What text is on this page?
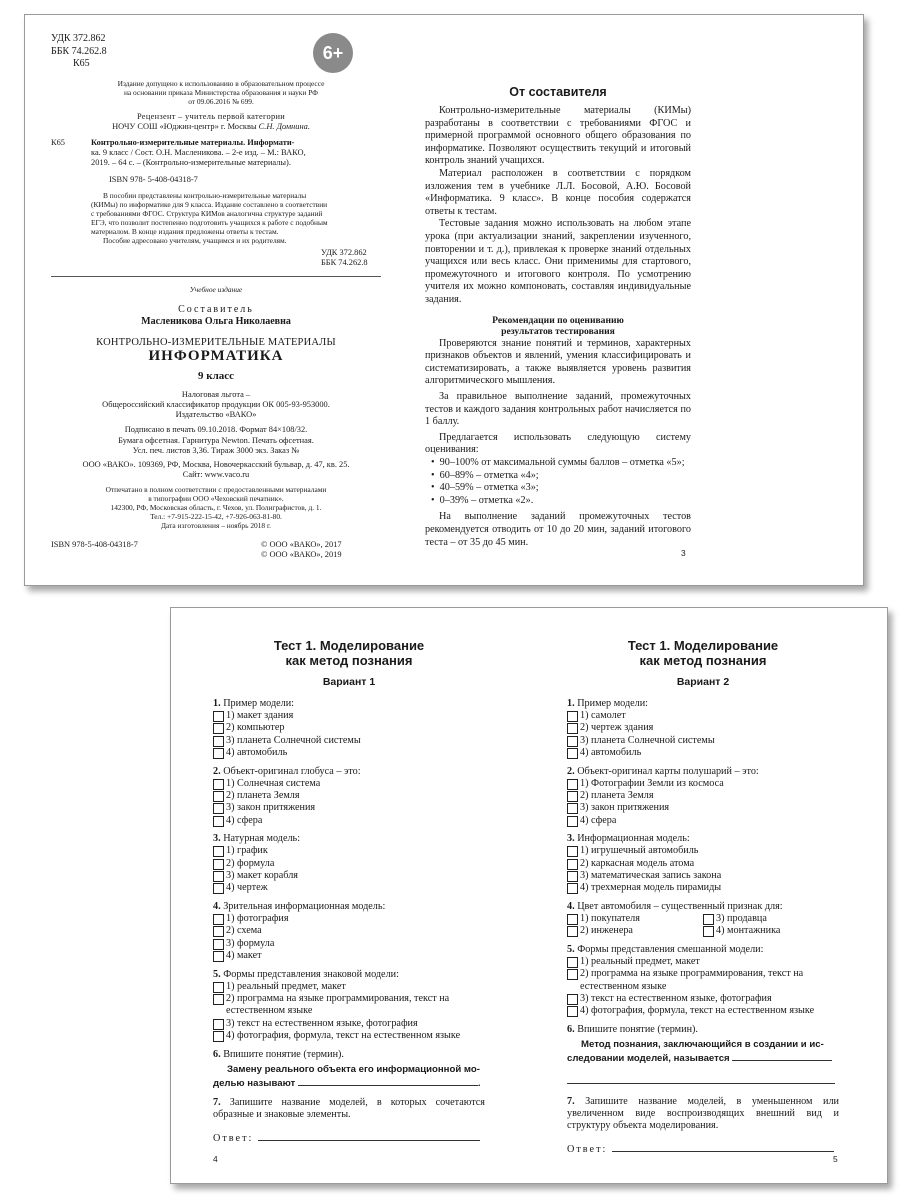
УДК 372.862
ББК 74.262.8
К65
6+
Издание допущено к использованию в образовательном процессе
на основании приказа Министерства образования и науки РФ
от 09.06.2016 № 699.
Рецензент – учитель первой категории
НОЧУ СОШ «Юджин-центр» г. Москвы С.Н. Домнина.
К65	Контрольно-измерительные материалы. Информати-
ка. 9 класс / Сост. О.Н. Масленикова. – 2-е изд. – М.: ВАКО,
2019. – 64 с. – (Контрольно-измерительные материалы).
ISBN 978- 5-408-04318-7
В пособии представлены контрольно-измерительные материалы
(КИМы) по информатике для 9 класса. Издание составлено в соответствии
с требованиями ФГОС. Структура КИМов аналогична структуре заданий
ЕГЭ, что позволит постепенно подготовить учащихся к работе с подобным
материалом. В конце издания предложены ответы к тестам.
Пособие адресовано учителям, учащимся и их родителям.
УДК 372.862
ББК 74.262.8
Учебное издание
Составитель
Масленикова Ольга Николаевна
КОНТРОЛЬНО-ИЗМЕРИТЕЛЬНЫЕ МАТЕРИАЛЫ
ИНФОРМАТИКА
9 класс
Налоговая льгота –
Общероссийский классификатор продукции ОК 005-93-953000.
Издательство «ВАКО»
Подписано в печать 09.10.2018. Формат 84×108/32.
Бумага офсетная. Гарнитура Newton. Печать офсетная.
Усл. печ. листов 3,36. Тираж 3000 экз. Заказ №
ООО «ВАКО». 109369, РФ, Москва, Новочеркасский бульвар, д. 47, кв. 25.
Сайт: www.vaco.ru
Отпечатано в полном соответствии с предоставленными материалами
в типографии ООО «Чеховский печатник».
142300, РФ, Московская область, г. Чехов, ул. Полиграфистов, д. 1.
Тел.: +7-915-222-15-42, +7-926-063-81-80.
Дата изготовления – ноябрь 2018 г.
ISBN 978-5-408-04318-7	© ООО «ВАКО», 2017
© ООО «ВАКО», 2019
От составителя
Контрольно-измерительные материалы (КИМы) разработаны в соответствии с требованиями ФГОС и примерной программой основного общего образования по информатике. Позволяют осуществить текущий и итоговый контроль знаний учащихся.
Материал расположен в соответствии с порядком изложения тем в учебнике Л.Л. Босовой, А.Ю. Босовой «Информатика. 9 класс». В конце пособия содержатся ответы к тестам.
Тестовые задания можно использовать на любом этапе урока (при актуализации знаний, закреплении изученного, повторении и т. д.), привлекая к проверке знаний отдельных учащихся или весь класс. Они применимы для стартового, промежуточного и итогового контроля. По усмотрению учителя их можно компоновать, составляя индивидуальные задания.
Рекомендации по оцениванию
результатов тестирования
Проверяются знание понятий и терминов, характерных признаков объектов и явлений, умения классифицировать и систематизировать, а также выявляется уровень развития алгоритмического мышления.
За правильное выполнение заданий, промежуточных тестов и каждого задания контрольных работ начисляется по 1 баллу.
Предлагается использовать следующую систему оценивания:
•  90–100% от максимальной суммы баллов – отметка «5»;
•  60–89% – отметка «4»;
•  40–59% – отметка «3»;
•  0–39% – отметка «2».
На выполнение заданий промежуточных тестов рекомендуется отводить от 10 до 20 мин, заданий итогового теста – от 35 до 45 мин.
3
Тест 1. Моделирование
как метод познания
Вариант 1
1. Пример модели:
1) макет здания
2) компьютер
3) планета Солнечной системы
4) автомобиль
2. Объект-оригинал глобуса – это:
1) Солнечная система
2) планета Земля
3) закон притяжения
4) сфера
3. Натурная модель:
1) график
2) формула
3) макет корабля
4) чертеж
4. Зрительная информационная модель:
1) фотография
2) схема
3) формула
4) макет
5. Формы представления знаковой модели:
1) реальный предмет, макет
2) программа на языке программирования, текст на естественном языке
3) текст на естественном языке, фотография
4) фотография, формула, текст на естественном языке
6. Впишите понятие (термин).
Замену реального объекта его информационной мо-
делью называют	.
7. Запишите название моделей, в которых сочетаются образные и знаковые элементы.
Ответ:
4
Тест 1. Моделирование
как метод познания
Вариант 2
1. Пример модели:
1) самолет
2) чертеж здания
3) планета Солнечной системы
4) автомобиль
2. Объект-оригинал карты полушарий – это:
1) Фотографии Земли из космоса
2) планета Земля
3) закон притяжения
4) сфера
3. Информационная модель:
1) игрушечный автомобиль
2) каркасная модель атома
3) математическая запись закона
4) трехмерная модель пирамиды
4. Цвет автомобиля – существенный признак для:
1) покупателя	3) продавца
2) инженера	4) монтажника
5. Формы представления смешанной модели:
1) реальный предмет, макет
2) программа на языке программирования, текст на естественном языке
3) текст на естественном языке, фотография
4) фотография, формула, текст на естественном языке
6. Впишите понятие (термин).
Метод познания, заключающийся в создании и ис-
следовании моделей, называется
7. Запишите название моделей, в уменьшенном или увеличенном виде воспроизводящих внешний вид и структуру объекта моделирования.
Ответ:
5
